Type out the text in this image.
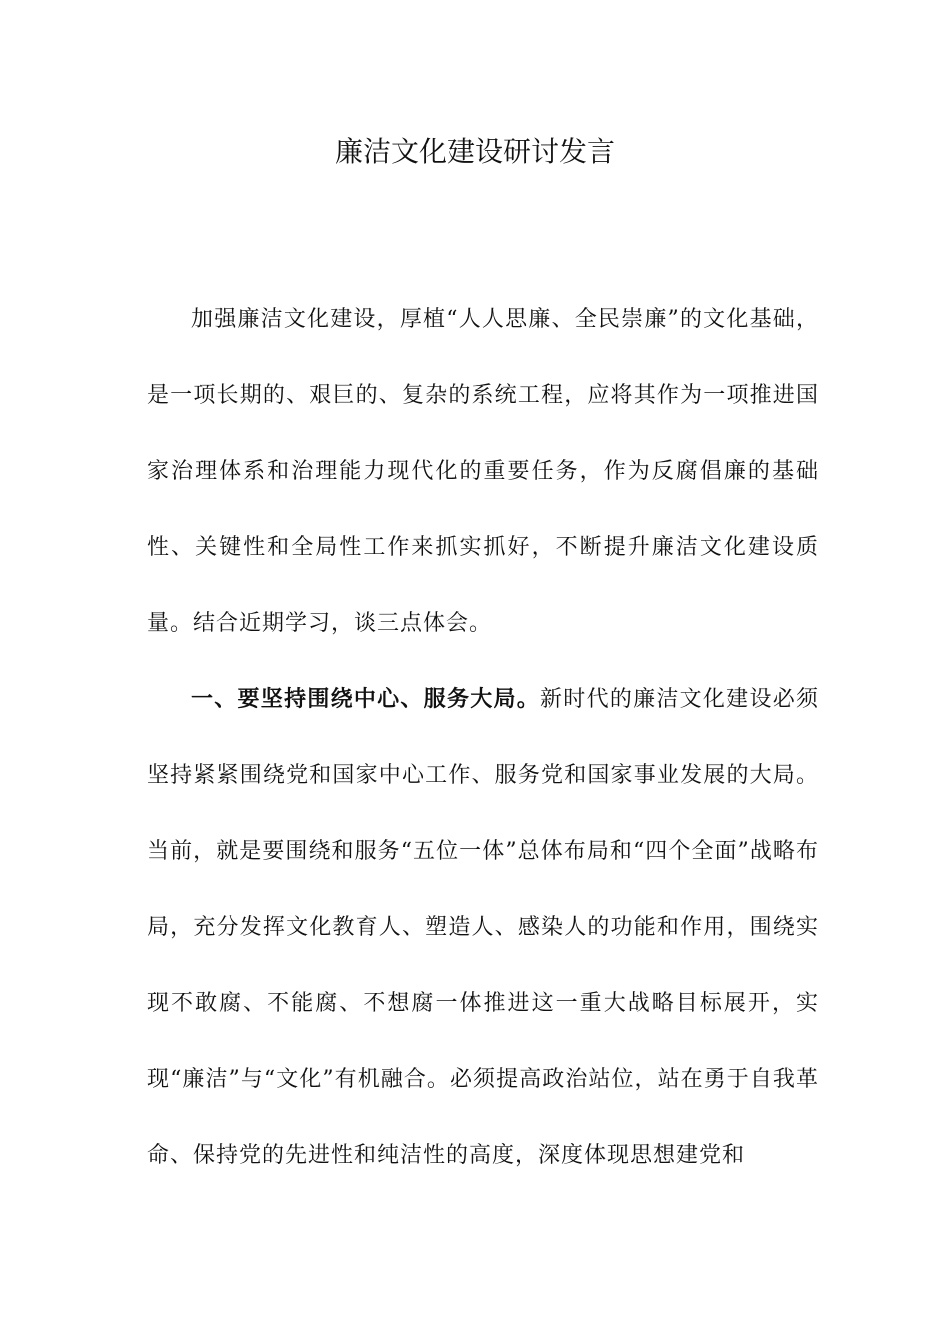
廉洁文化建设研讨发言

加强廉洁文化建设，厚植“人人思廉、全民崇廉”的文化基础，是一项长期的、艰巨的、复杂的系统工程，应将其作为一项推进国家治理体系和治理能力现代化的重要任务，作为反腐倡廉的基础性、关键性和全局性工作来抓实抓好，不断提升廉洁文化建设质量。结合近期学习，谈三点体会。

一、要坚持围绕中心、服务大局。新时代的廉洁文化建设必须坚持紧紧围绕党和国家中心工作、服务党和国家事业发展的大局。当前，就是要围绕和服务“五位一体”总体布局和“四个全面”战略布局，充分发挥文化教育人、塑造人、感染人的功能和作用，围绕实现不敢腐、不能腐、不想腐一体推进这一重大战略目标展开，实现“廉洁”与“文化”有机融合。必须提高政治站位，站在勇于自我革命、保持党的先进性和纯洁性的高度，深度体现思想建党和
